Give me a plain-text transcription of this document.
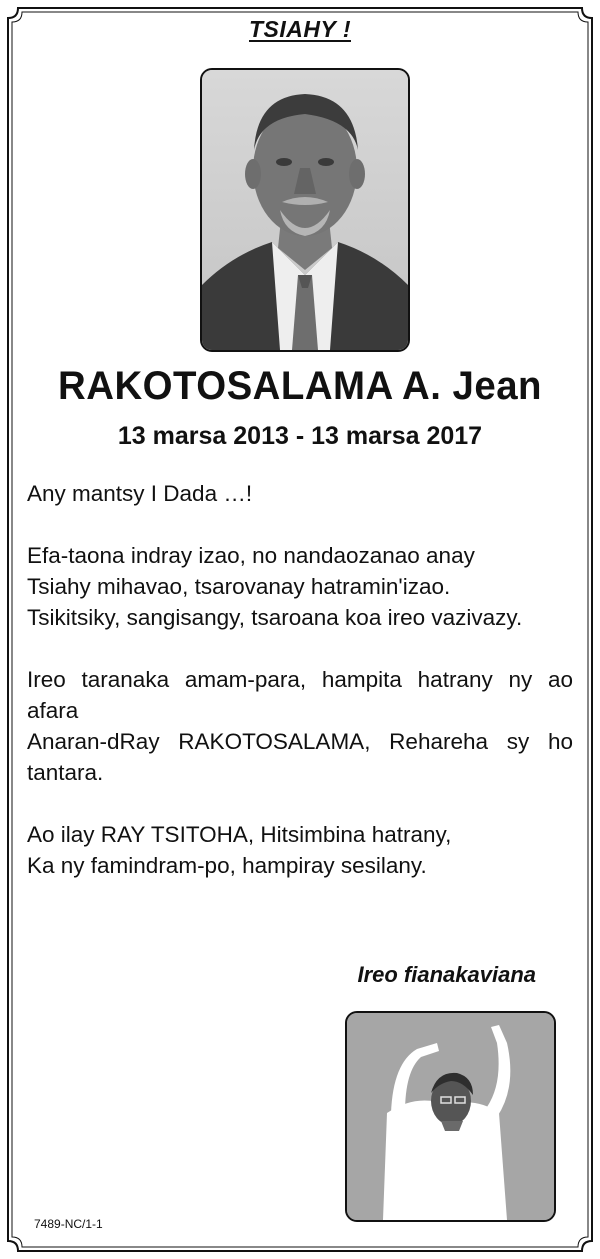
TSIAHY !
RAKOTOSALAMA A. Jean
13 marsa 2013 - 13 marsa 2017

Any mantsy I Dada …!

Efa-taona indray izao, no nandaozanao anay

Tsiahy mihavao, tsarovanay hatramin'izao.

Tsikitsiky, sangisangy, tsaroana koa ireo vazivazy.

Ireo taranaka amam-para, hampita hatrany ny ao afara

Anaran-dRay RAKOTOSALAMA, Rehareha sy ho tantara.

Ao ilay RAY TSITOHA, Hitsimbina hatrany,

Ka ny famindram-po, hampiray sesilany.

Ireo fianakaviana
7489-NC/1-1
